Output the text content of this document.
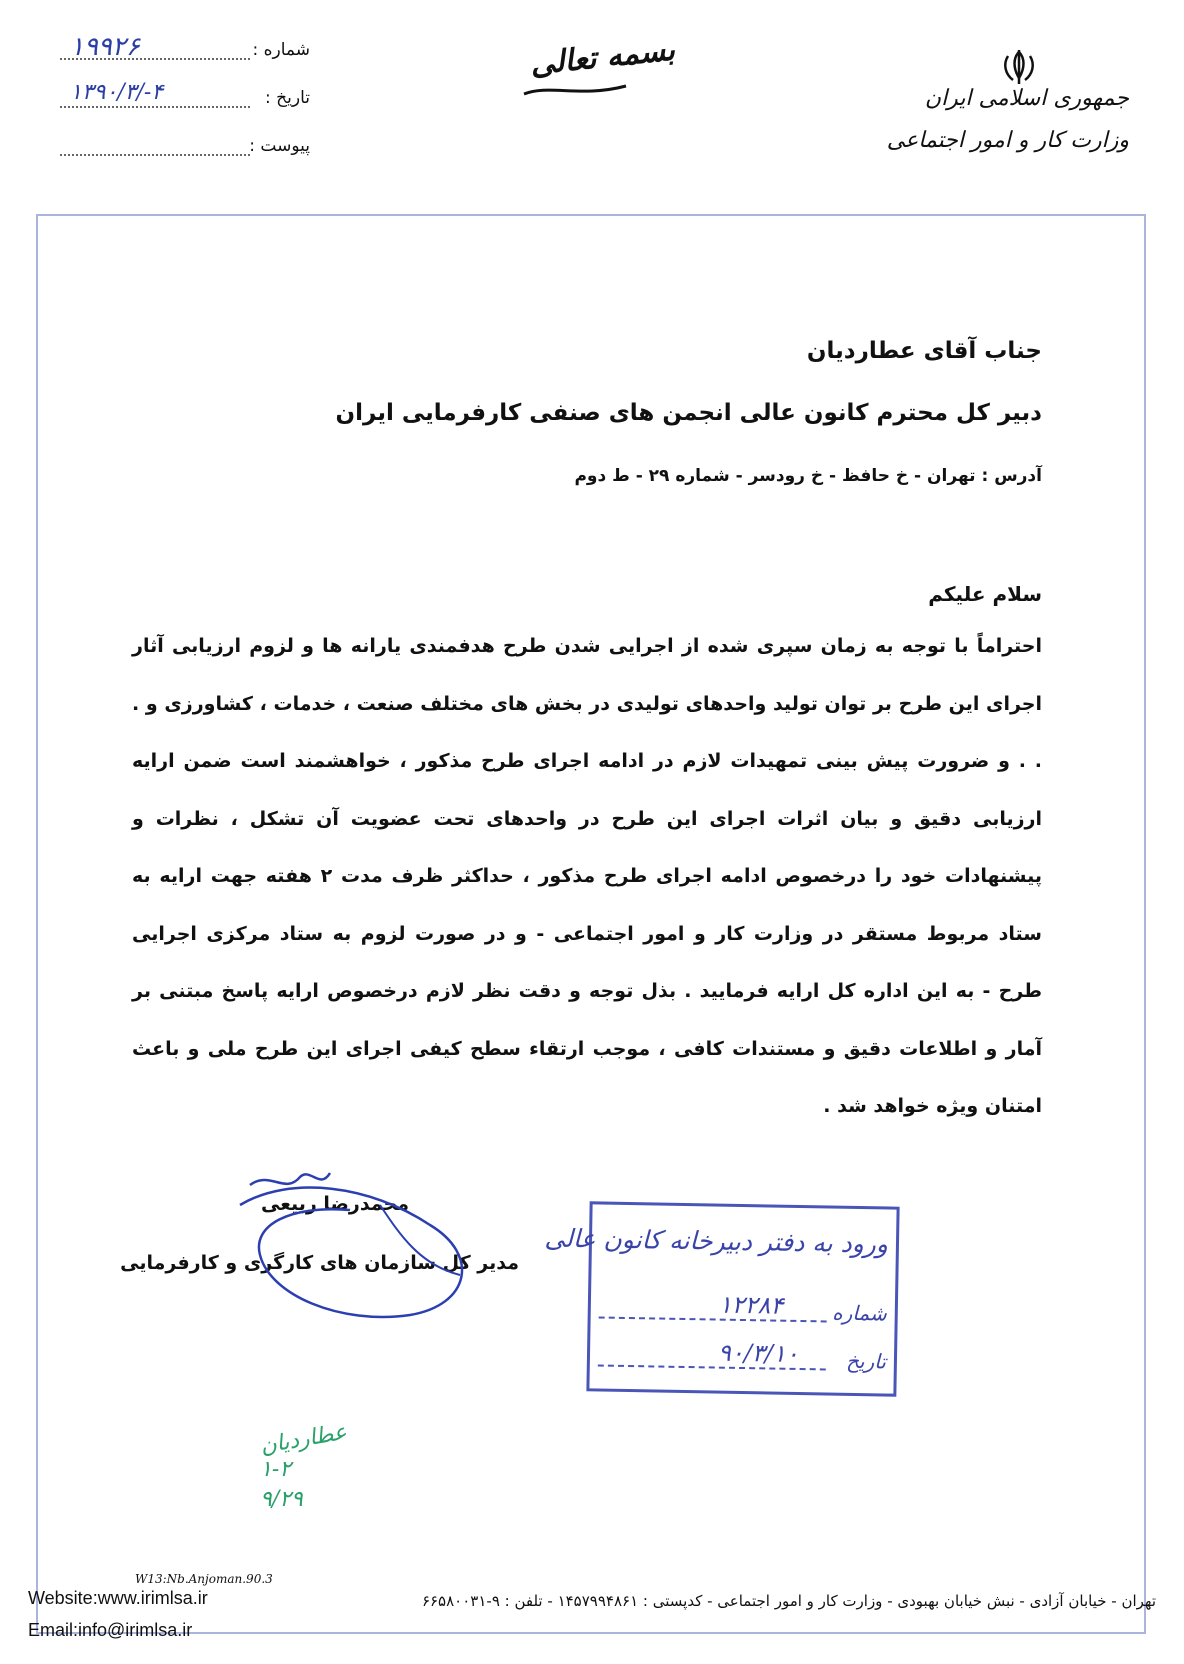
جمهوری اسلامی ایران
وزارت کار و امور اجتماعی
بسمه تعالی
شماره :
۱۹۹۲۶
تاریخ :
۱۳۹۰/۳/-۴
پیوست :
جناب آقای عطاردیان
دبیر کل محترم کانون عالی انجمن های صنفی کارفرمایی ایران
آدرس : تهران - خ حافظ - خ رودسر - شماره ۲۹ - ط دوم
سلام علیکم
احتراماً با توجه به زمان سپری شده از اجرایی شدن طرح هدفمندی یارانه ها و لزوم ارزیابی آثار اجرای این طرح بر توان تولید واحدهای تولیدی در بخش های مختلف صنعت ، خدمات ، کشاورزی و . . . و ضرورت پیش بینی تمهیدات لازم در ادامه اجرای طرح مذکور ، خواهشمند است ضمن ارایه ارزیابی دقیق و بیان اثرات اجرای این طرح در واحدهای تحت عضویت آن تشکل ، نظرات و پیشنهادات خود را درخصوص ادامه اجرای طرح مذکور ، حداکثر ظرف مدت ۲ هفته جهت ارایه به ستاد مربوط مستقر در وزارت کار و امور اجتماعی - و در صورت لزوم به ستاد مرکزی اجرایی طرح - به این اداره کل ارایه فرمایید . بذل توجه و دقت نظر لازم درخصوص ارایه پاسخ مبتنی بر آمار و اطلاعات دقیق و مستندات کافی ، موجب ارتقاء سطح کیفی اجرای این طرح ملی و باعث امتنان ویژه خواهد شد .
محمدرضا ربیعی
مدیر کل سازمان های کارگری و کارفرمایی
ورود به دفتر دبیرخانه کانون عالی
شماره
۱۲۲۸۴
تاریخ
۹۰/۳/۱۰
عطاردیان
۱-۲
۹/۲۹
W13:Nb.Anjoman.90.3
تهران - خیابان آزادی - نبش خیابان بهبودی - وزارت کار و امور اجتماعی - کدپستی : ۱۴۵۷۹۹۴۸۶۱ - تلفن : ۹-۶۶۵۸۰۰۳۱
Website:www.irimlsa.ir
Email:info@irimlsa.ir
